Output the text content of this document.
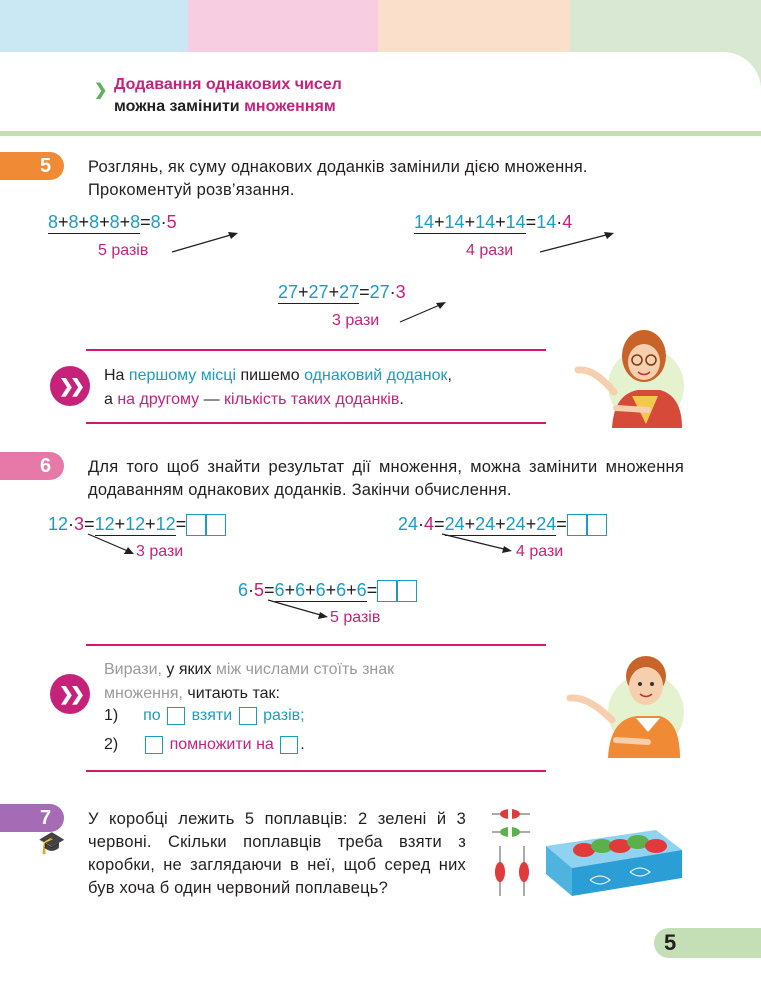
❯ Додавання однакових чисел
можна замінити множенням
5	Розглянь, як суму однакових доданків замінили дією множення. Прокоментуй розв’язання.
8+8+8+8+8=8·5
5 разів
14+14+14+14=14·4
4 рази
27+27+27=27·3
3 рази
❯❯
На першому місці пишемо однаковий доданок,
а на другому — кількість таких доданків.
6	Для того щоб знайти результат дії множення, можна замінити множення додаванням однакових доданків. Закінчи обчислення.
12·3=12+12+12=
3 рази
24·4=24+24+24+24=
4 рази
6·5=6+6+6+6+6=
5 разів
❯❯
Вирази, у яких між числами стоїть знак
множення, читають так:
1) по взяти разів;
2)	помножити на .
7
🎓
У коробці лежить 5 поплавців: 2 зелені й 3 червоні. Скільки поплавців треба взяти з коробки, не заглядаючи в неї, щоб серед них був хоча б один червоний поплавець?
5
